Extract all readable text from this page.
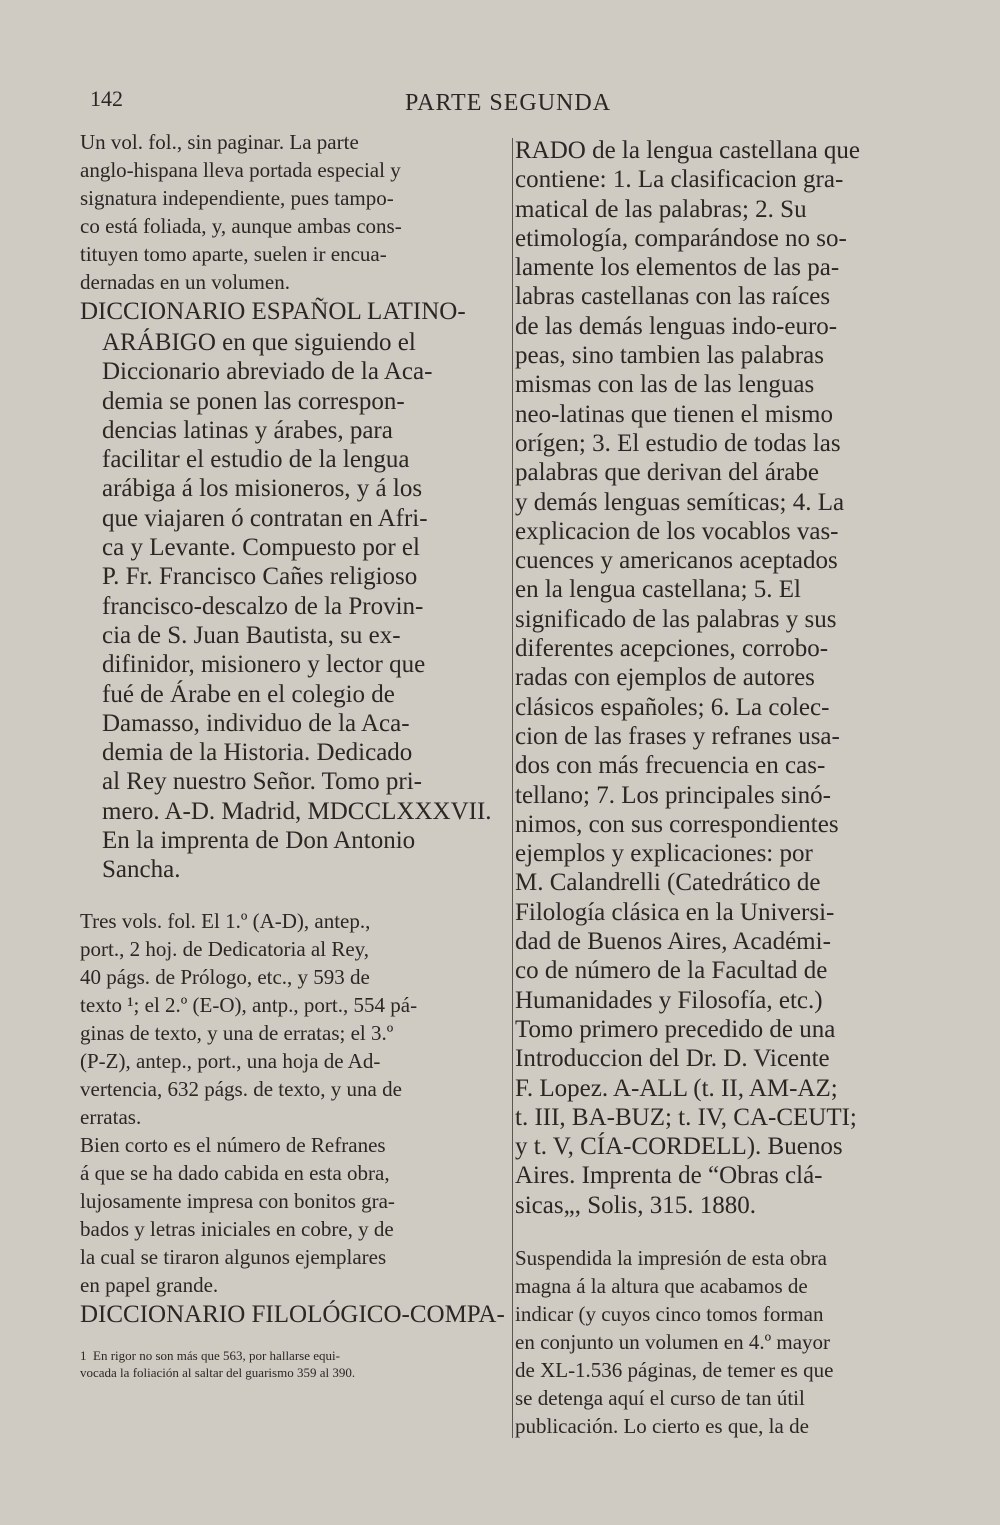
142	PARTE SEGUNDA

Un vol. fol., sin paginar. La parte
anglo-hispana lleva portada especial y
signatura independiente, pues tampo-
co está foliada, y, aunque ambas cons-
tituyen tomo aparte, suelen ir encua-
dernadas en un volumen.

DICCIONARIO ESPAÑOL LATINO-

ARÁBIGO en que siguiendo el
Diccionario abreviado de la Aca-
demia se ponen las correspon-
dencias latinas y árabes, para
facilitar el estudio de la lengua
arábiga á los misioneros, y á los
que viajaren ó contratan en Afri-
ca y Levante. Compuesto por el
P. Fr. Francisco Cañes religioso
francisco-descalzo de la Provin-
cia de S. Juan Bautista, su ex-
difinidor, misionero y lector que
fué de Árabe en el colegio de
Damasso, individuo de la Aca-
demia de la Historia. Dedicado
al Rey nuestro Señor. Tomo pri-
mero. A-D. Madrid, MDCCLXXXVII.
En la imprenta de Don Antonio
Sancha.

Tres vols. fol. El 1.º (A-D), antep.,
port., 2 hoj. de Dedicatoria al Rey,
40 págs. de Prólogo, etc., y 593 de
texto ¹; el 2.º (E-O), antp., port., 554 pá-
ginas de texto, y una de erratas; el 3.º
(P-Z), antep., port., una hoja de Ad-
vertencia, 632 págs. de texto, y una de
erratas.

Bien corto es el número de Refranes
á que se ha dado cabida en esta obra,
lujosamente impresa con bonitos gra-
bados y letras iniciales en cobre, y de
la cual se tiraron algunos ejemplares
en papel grande.

DICCIONARIO FILOLÓGICO-COMPA-

1  En rigor no son más que 563, por hallarse equi-
vocada la foliación al saltar del guarismo 359 al 390.

RADO de la lengua castellana que
contiene: 1. La clasificacion gra-
matical de las palabras; 2. Su
etimología, comparándose no so-
lamente los elementos de las pa-
labras castellanas con las raíces
de las demás lenguas indo-euro-
peas, sino tambien las palabras
mismas con las de las lenguas
neo-latinas que tienen el mismo
orígen; 3. El estudio de todas las
palabras que derivan del árabe
y demás lenguas semíticas; 4. La
explicacion de los vocablos vas-
cuences y americanos aceptados
en la lengua castellana; 5. El
significado de las palabras y sus
diferentes acepciones, corrobo-
radas con ejemplos de autores
clásicos españoles; 6. La colec-
cion de las frases y refranes usa-
dos con más frecuencia en cas-
tellano; 7. Los principales sinó-
nimos, con sus correspondientes
ejemplos y explicaciones: por
M. Calandrelli (Catedrático de
Filología clásica en la Universi-
dad de Buenos Aires, Académi-
co de número de la Facultad de
Humanidades y Filosofía, etc.)
Tomo primero precedido de una
Introduccion del Dr. D. Vicente
F. Lopez. A-ALL (t. II, AM-AZ;
t. III, BA-BUZ; t. IV, CA-CEUTI;
y t. V, CÍA-CORDELL). Buenos
Aires. Imprenta de “Obras clá-
sicas„, Solis, 315. 1880.

Suspendida la impresión de esta obra
magna á la altura que acabamos de
indicar (y cuyos cinco tomos forman
en conjunto un volumen en 4.º mayor
de XL-1.536 páginas, de temer es que
se detenga aquí el curso de tan útil
publicación. Lo cierto es que, la de
